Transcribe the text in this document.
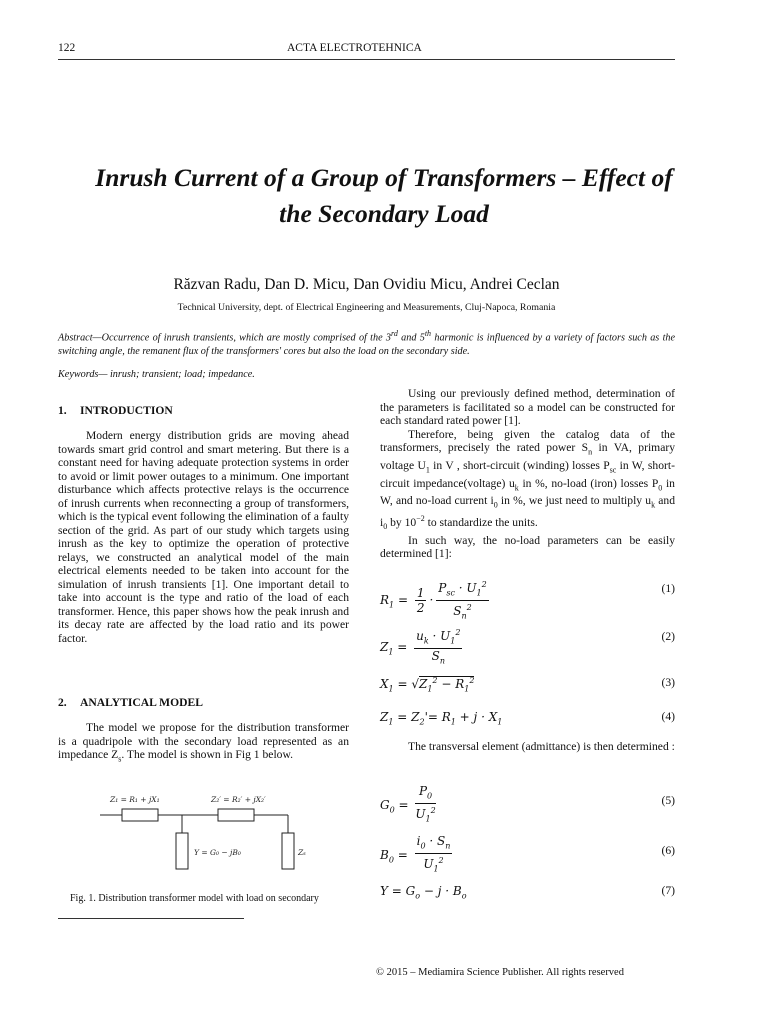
122	ACTA ELECTROTEHNICA
Inrush Current of a Group of Transformers – Effect of the Secondary Load
Răzvan Radu, Dan D. Micu, Dan Ovidiu Micu, Andrei Ceclan
Technical University, dept. of Electrical Engineering and Measurements, Cluj-Napoca, Romania
Abstract—Occurrence of inrush transients, which are mostly comprised of the 3rd and 5th harmonic is influenced by a variety of factors such as the switching angle, the remanent flux of the transformers' cores but also the load on the secondary side.
Keywords— inrush; transient; load; impedance.
1. INTRODUCTION

Modern energy distribution grids are moving ahead towards smart grid control and smart metering. But there is a constant need for having adequate protection systems in order to avoid or limit power outages to a minimum. One important disturbance which affects protective relays is the occurrence of inrush currents when reconnecting a group of transformers, which is the typical event following the elimination of a faulty section of the grid. As part of our study which targets using inrush as the key to optimize the operation of protective relays, we constructed an analytical model of the main electrical elements needed to be taken into account for the simulation of inrush transients [1]. One important detail to take into account is the type and ratio of the load of each transformer. Hence, this paper shows how the peak inrush and its decay rate are affected by the load ratio and its power factor.

2. ANALYTICAL MODEL

The model we propose for the distribution transformer is a quadripole with the secondary load represented as an impedance $Z_s$. The model is shown in Fig 1 below.

Z₁ = R₁ + jX₁	Z₂′ = R₂′ + jX₂′
Y = G₀ − jB₀	Zₛ
Fig. 1. Distribution transformer model with load on secondary

Using our previously defined method, determination of the parameters is facilitated so a model can be constructed for each standard rated power [1].

Therefore, being given the catalog data of the transformers, precisely the rated power $S_n$ in VA, primary voltage $U_1$ in V , short-circuit (winding) losses $P_{sc}$ in W, short-circuit impedance(voltage) $u_k$ in %, no-load (iron) losses $P_0$ in W, and no-load current $i_0$ in %, we just need to multiply $u_k$ and $i_0$ by $10^{-2}$ to standardize the units.

In such way, the no-load parameters can be easily determined [1]:

$R_1 = \frac{1}{2} \cdot \frac{P_{sc} \cdot U_1^2}{S_n^2}$	(1)
$Z_1 = \frac{u_k \cdot U_1^2}{S_n}$	(2)
$X_1 = √Z_1^2 - R_1^2$	(3)
$Z_1 = Z_2'= R_1 + j \cdot X_1$	(4)

The transversal element (admittance) is then determined :

$G_0 = \frac{P_0}{U_1^2}$	(5)
$B_0 = \frac{i_0 \cdot S_n}{U_1^2}$	(6)
$Y = G_o - j \cdot B_o$	(7)
© 2015 – Mediamira Science Publisher. All rights reserved
